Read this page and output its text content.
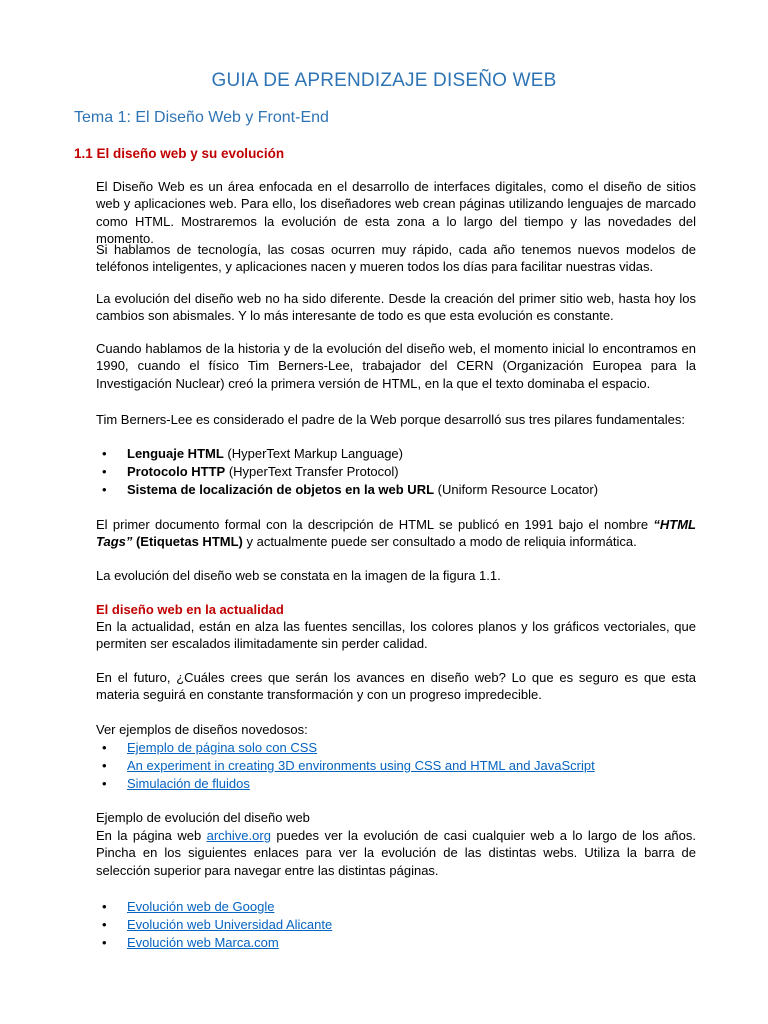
GUIA DE APRENDIZAJE DISEÑO WEB
Tema 1: El Diseño Web y Front-End
1.1 El diseño web y su evolución
El Diseño Web es un área enfocada en el desarrollo de interfaces digitales, como el diseño de sitios web y aplicaciones web. Para ello, los diseñadores web crean páginas utilizando lenguajes de marcado como HTML. Mostraremos la evolución de esta zona a lo largo del tiempo y las novedades del momento.
Si hablamos de tecnología, las cosas ocurren muy rápido, cada año tenemos nuevos modelos de teléfonos inteligentes, y aplicaciones nacen y mueren todos los días para facilitar nuestras vidas.
La evolución del diseño web no ha sido diferente. Desde la creación del primer sitio web, hasta hoy los cambios son abismales. Y lo más interesante de todo es que esta evolución es constante.
Cuando hablamos de la historia y de la evolución del diseño web, el momento inicial lo encontramos en 1990, cuando el físico Tim Berners-Lee, trabajador del CERN (Organización Europea para la Investigación Nuclear) creó la primera versión de HTML, en la que el texto dominaba el espacio.
Tim Berners-Lee es considerado el padre de la Web porque desarrolló sus tres pilares fundamentales:
• Lenguaje HTML (HyperText Markup Language)
• Protocolo HTTP (HyperText Transfer Protocol)
• Sistema de localización de objetos en la web URL (Uniform Resource Locator)
El primer documento formal con la descripción de HTML se publicó en 1991 bajo el nombre “HTML Tags” (Etiquetas HTML) y actualmente puede ser consultado a modo de reliquia informática.
La evolución del diseño web se constata en la imagen de la figura 1.1.
El diseño web en la actualidad
En la actualidad, están en alza las fuentes sencillas, los colores planos y los gráficos vectoriales, que permiten ser escalados ilimitadamente sin perder calidad.
En el futuro, ¿Cuáles crees que serán los avances en diseño web? Lo que es seguro es que esta materia seguirá en constante transformación y con un progreso impredecible.
Ver ejemplos de diseños novedosos:
• Ejemplo de página solo con CSS
• An experiment in creating 3D environments using CSS and HTML and JavaScript
• Simulación de fluidos
Ejemplo de evolución del diseño web
En la página web archive.org puedes ver la evolución de casi cualquier web a lo largo de los años. Pincha en los siguientes enlaces para ver la evolución de las distintas webs. Utiliza la barra de selección superior para navegar entre las distintas páginas.
• Evolución web de Google
• Evolución web Universidad Alicante
• Evolución web Marca.com
